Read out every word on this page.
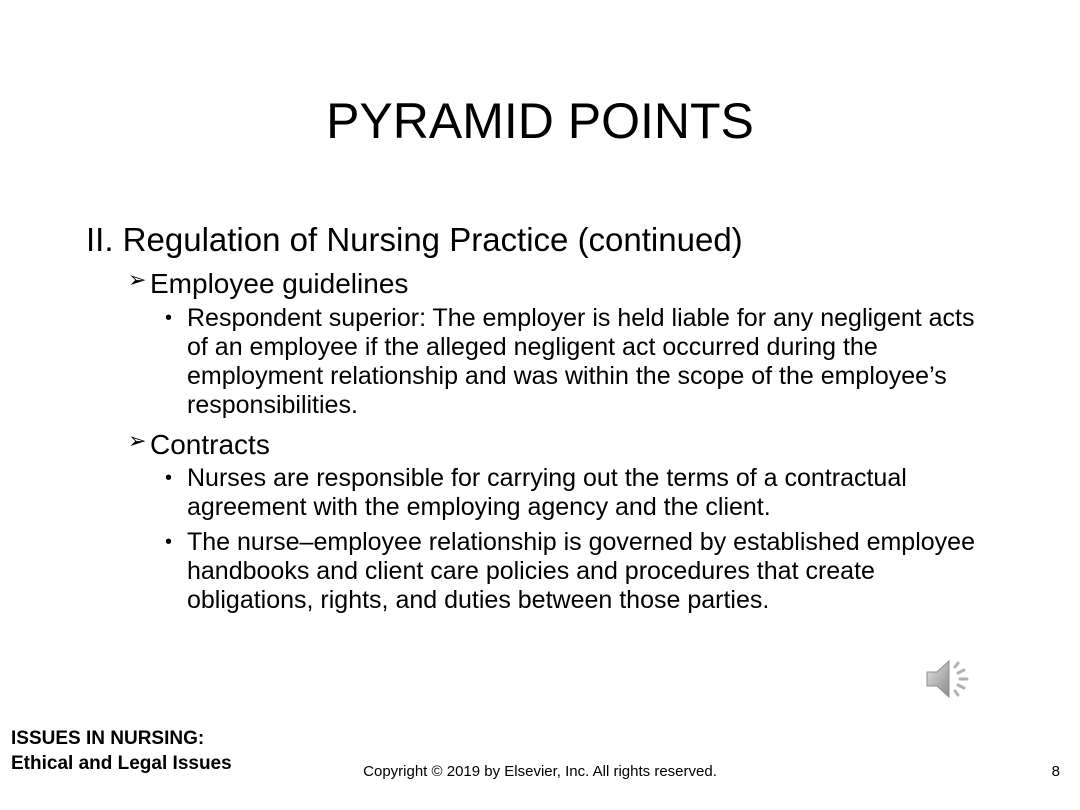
PYRAMID POINTS
II. Regulation of Nursing Practice (continued)
➢ Employee guidelines
• Respondent superior: The employer is held liable for any negligent acts of an employee if the alleged negligent act occurred during the employment relationship and was within the scope of the employee’s responsibilities.
➢ Contracts
• Nurses are responsible for carrying out the terms of a contractual agreement with the employing agency and the client.
• The nurse–employee relationship is governed by established employee handbooks and client care policies and procedures that create obligations, rights, and duties between those parties.
ISSUES IN NURSING:
Ethical and Legal Issues	Copyright © 2019 by Elsevier, Inc. All rights reserved.	8
